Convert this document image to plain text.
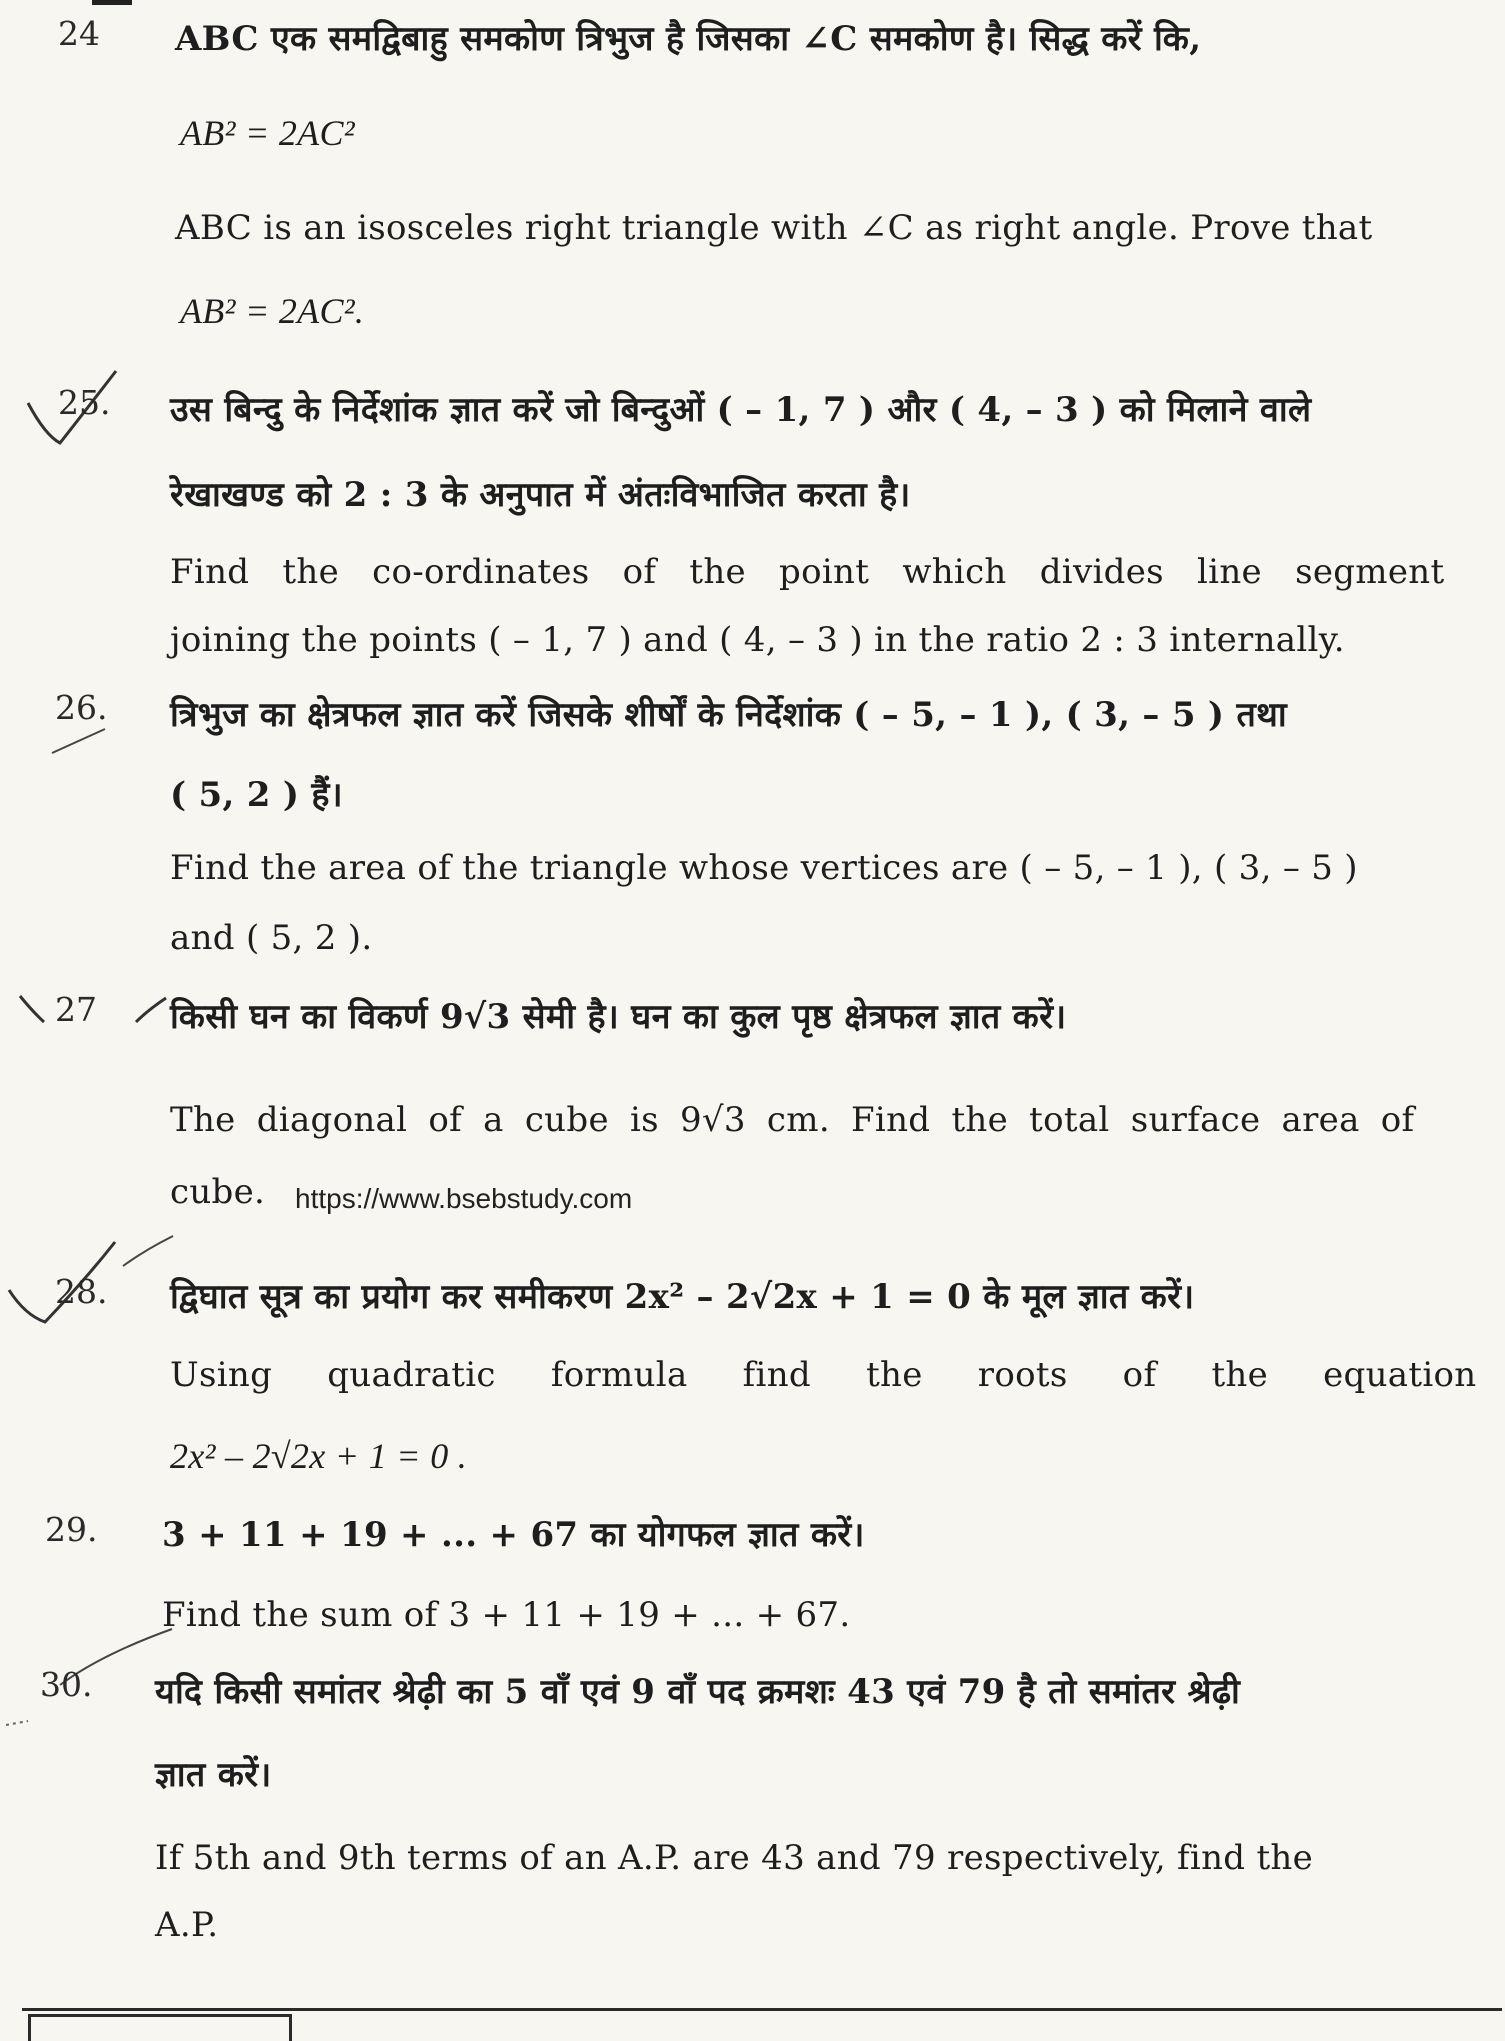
24 ABC एक समद्विबाहु समकोण त्रिभुज है जिसका ∠C समकोण है। सिद्ध करें कि,
AB² = 2AC²
ABC is an isosceles right triangle with ∠C as right angle. Prove that
AB² = 2AC².
25. उस बिन्दु के निर्देशांक ज्ञात करें जो बिन्दुओं ( – 1, 7 ) और ( 4, – 3 ) को मिलाने वाले
रेखाखण्ड को 2 : 3 के अनुपात में अंतःविभाजित करता है।
Find the co-ordinates of the point which divides line segment
joining the points ( – 1, 7 ) and ( 4, – 3 ) in the ratio 2 : 3 internally.
26. त्रिभुज का क्षेत्रफल ज्ञात करें जिसके शीर्षों के निर्देशांक ( – 5, – 1 ), ( 3, – 5 ) तथा
( 5, 2 ) हैं।
Find the area of the triangle whose vertices are ( – 5, – 1 ), ( 3, – 5 )
and ( 5, 2 ).
27 किसी घन का विकर्ण 9√3 सेमी है। घन का कुल पृष्ठ क्षेत्रफल ज्ञात करें।
The diagonal of a cube is 9√3 cm. Find the total surface area of
cube. https://www.bsebstudy.com
28. द्विघात सूत्र का प्रयोग कर समीकरण 2x² – 2√2x + 1 = 0 के मूल ज्ञात करें।
Using quadratic formula find the roots of the equation
2x² – 2√2x + 1 = 0 .
29. 3 + 11 + 19 + ... + 67 का योगफल ज्ञात करें।
Find the sum of 3 + 11 + 19 + ... + 67.
30. यदि किसी समांतर श्रेढ़ी का 5 वाँ एवं 9 वाँ पद क्रमशः 43 एवं 79 है तो समांतर श्रेढ़ी
ज्ञात करें।
If 5th and 9th terms of an A.P. are 43 and 79 respectively, find the
A.P.
